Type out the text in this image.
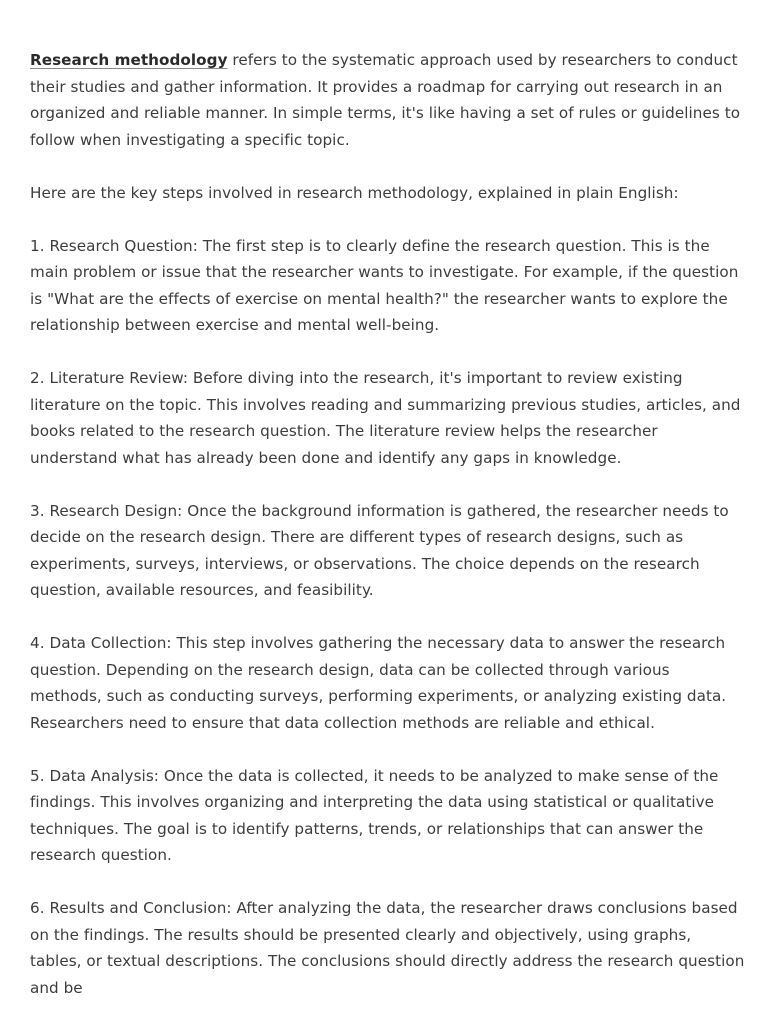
Research methodology refers to the systematic approach used by researchers to conduct their studies and gather information. It provides a roadmap for carrying out research in an organized and reliable manner. In simple terms, it's like having a set of rules or guidelines to follow when investigating a specific topic.

Here are the key steps involved in research methodology, explained in plain English:

1. Research Question: The first step is to clearly define the research question. This is the main problem or issue that the researcher wants to investigate. For example, if the question is "What are the effects of exercise on mental health?" the researcher wants to explore the relationship between exercise and mental well-being.

2. Literature Review: Before diving into the research, it's important to review existing literature on the topic. This involves reading and summarizing previous studies, articles, and books related to the research question. The literature review helps the researcher understand what has already been done and identify any gaps in knowledge.

3. Research Design: Once the background information is gathered, the researcher needs to decide on the research design. There are different types of research designs, such as experiments, surveys, interviews, or observations. The choice depends on the research question, available resources, and feasibility.

4. Data Collection: This step involves gathering the necessary data to answer the research question. Depending on the research design, data can be collected through various methods, such as conducting surveys, performing experiments, or analyzing existing data. Researchers need to ensure that data collection methods are reliable and ethical.

5. Data Analysis: Once the data is collected, it needs to be analyzed to make sense of the findings. This involves organizing and interpreting the data using statistical or qualitative techniques. The goal is to identify patterns, trends, or relationships that can answer the research question.

6. Results and Conclusion: After analyzing the data, the researcher draws conclusions based on the findings. The results should be presented clearly and objectively, using graphs, tables, or textual descriptions. The conclusions should directly address the research question and be
